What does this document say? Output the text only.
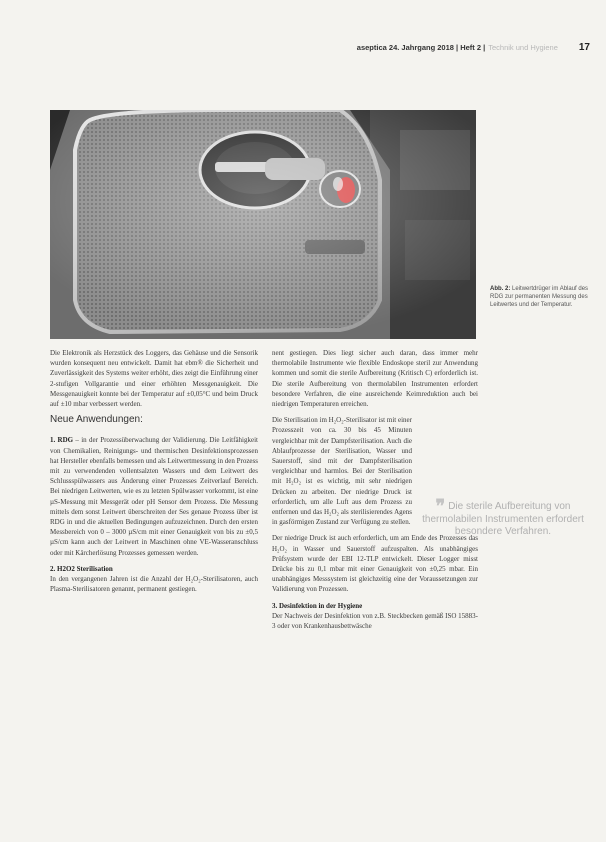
aseptica 24. Jahrgang 2018 | Heft 2 | Technik und Hygiene 17
Abb. 2: Leitwertdrüger im Ablauf des RDG zur permanenten Messung des Leitwertes und der Temperatur.

Die Elektronik als Herzstück des Loggers, das Gehäuse und die Sensorik wurden konsequent neu entwickelt. Damit hat ebm® die Sicherheit und Zuverlässigkeit des Systems weiter erhöht, dies zeigt die Einführung einer 2-stufigen Vollgarantie und einer erhöhten Messgenauigkeit. Die Messgenauigkeit konnte bei der Temperatur auf ±0,05°C und beim Druck auf ±10 mbar verbessert werden.

Neue Anwendungen:

1. RDG – in der Prozessüberwachung der Validierung. Die Leitfähigkeit von Chemikalien, Reinigungs- und thermischen Desinfektionsprozessen hat Hersteller ebenfalls bemessen und als Leitwertmessung in den Prozess mit zu verwendenden vollentsalzten Wassers und dem Leitwert des Schlussspülwassers aus Änderung einer Prozesses Zeitverlauf Bereich. Bei niedrigen Leitwerten, wie es zu letzten Spülwasser vorkommt, ist eine µS-Messung mit Messgerät oder pH Sensor dem Prozess. Die Messung mittels dem sonst Leitwert überschreiten der Ses genaue Prozess über ist RDG in und die aktuellen Bedingungen aufzuzeichnen. Durch den ersten Messbereich von 0 – 3000 µS/cm mit einer Genauigkeit von bis zu ±0,5 µS/cm kann auch der Leitwert in Maschinen ohne VE-Wasseranschluss oder mit Kärcherlösung Prozesses gemessen werden.

2. H2O2 Sterilisation

In den vergangenen Jahren ist die Anzahl der H₂O₂-Sterilisatoren, auch Plasma-Sterilisatoren genannt, permanent gestiegen.

nent gestiegen. Dies liegt sicher auch daran, dass immer mehr thermolabile Instrumente wie flexible Endoskope steril zur Anwendung kommen und somit die sterile Aufbereitung (Kritisch C) erforderlich ist. Die sterile Aufbereitung von thermolabilen Instrumenten erfordert besondere Verfahren, die eine ausreichende Keimreduktion auch bei niedrigen Temperaturen erreichen.

Die Sterilisation im H₂O₂-Sterilisator ist mit einer Prozesszeit von ca. 30 bis 45 Minuten vergleichbar mit der Dampfsterilisation. Auch die Ablaufprozesse der Sterilisation, Wasser und Sauerstoff, sind mit der Dampfsterilisation vergleichbar und harmlos. Bei der Sterilisation mit H₂O₂ ist es wichtig, mit sehr niedrigen Drücken zu arbeiten. Der niedrige Druck ist erforderlich, um alle Luft aus dem Prozess zu entfernen und das H₂O₂ als sterilisierendes Agens in gasförmigen Zustand zur Verfügung zu stellen.

Der niedrige Druck ist auch erforderlich, um am Ende des Prozesses das H₂O₂ in Wasser und Sauerstoff aufzuspalten. Als unabhängiges Prüfsystem wurde der EBI 12-TLP entwickelt. Dieser Logger misst Drücke bis zu 0,1 mbar mit einer Genauigkeit von ±0,25 mbar. Ein unabhängiges Messsystem ist gleichzeitig eine der Voraussetzungen zur Validierung von Prozessen.

3. Desinfektion in der Hygiene

Der Nachweis der Desinfektion von z.B. Steckbecken gemäß ISO 15883-3 oder von Krankenhausbettwäsche

❞ Die sterile Aufbereitung von thermolabilen Instrumenten erfordert besondere Verfahren.
